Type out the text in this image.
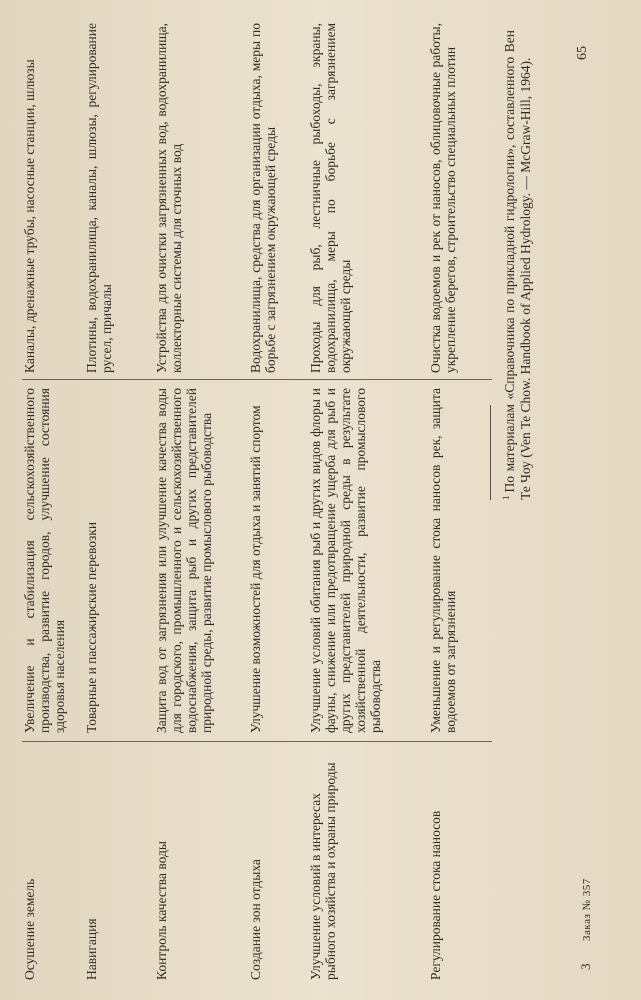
Осушение земель
Увеличение и стабилизация сельскохозяйственного производства, развитие городов, улучшение состояния здоровья населения
Каналы, дренажные трубы, насосные станции, шлюзы
Навигация
Товарные и пассажирские перевозки
Плотины, водохранилища, каналы, шлюзы, регулирование русел, причалы
Контроль качества воды
Защита вод от загрязнения или улучшение качества воды для городского, промышленного и сельскохозяйственного водоснабжения, защита рыб и других представителей природной среды, развитие промыслового рыбоводства
Устройства для очистки загрязненных вод, водохранилища, коллекторные системы для сточных вод
Создание зон отдыха
Улучшение возможностей для отдыха и занятий спортом
Водохранилища, средства для организации отдыха, меры по борьбе с загрязнением окружающей среды
Улучшение условий в интересах рыбного хозяйства и охраны природы
Улучшение условий обитания рыб и других видов флоры и фауны, снижение или предотвращение ущерба для рыб и других представителей природной среды в результате хозяйственной деятельности, развитие промыслового рыбоводства
Проходы для рыб, лестничные рыбоходы, экраны, водохранилища, меры по борьбе с загрязнением окружающей среды
Регулирование стока наносов
Уменьшение и регулирование стока наносов рек, защита водоемов от загрязнения
Очистка водоемов и рек от наносов, облицовочные работы, укрепление берегов, строительство специальных плотин
$^1$По материалам «Справочника по прикладной гидрологии», составленного Вен Те Чоу (Ven Te Chow. Handbook of Applied Hydrology. — McGraw-Hill, 1964).
3Заказ № 357
65
